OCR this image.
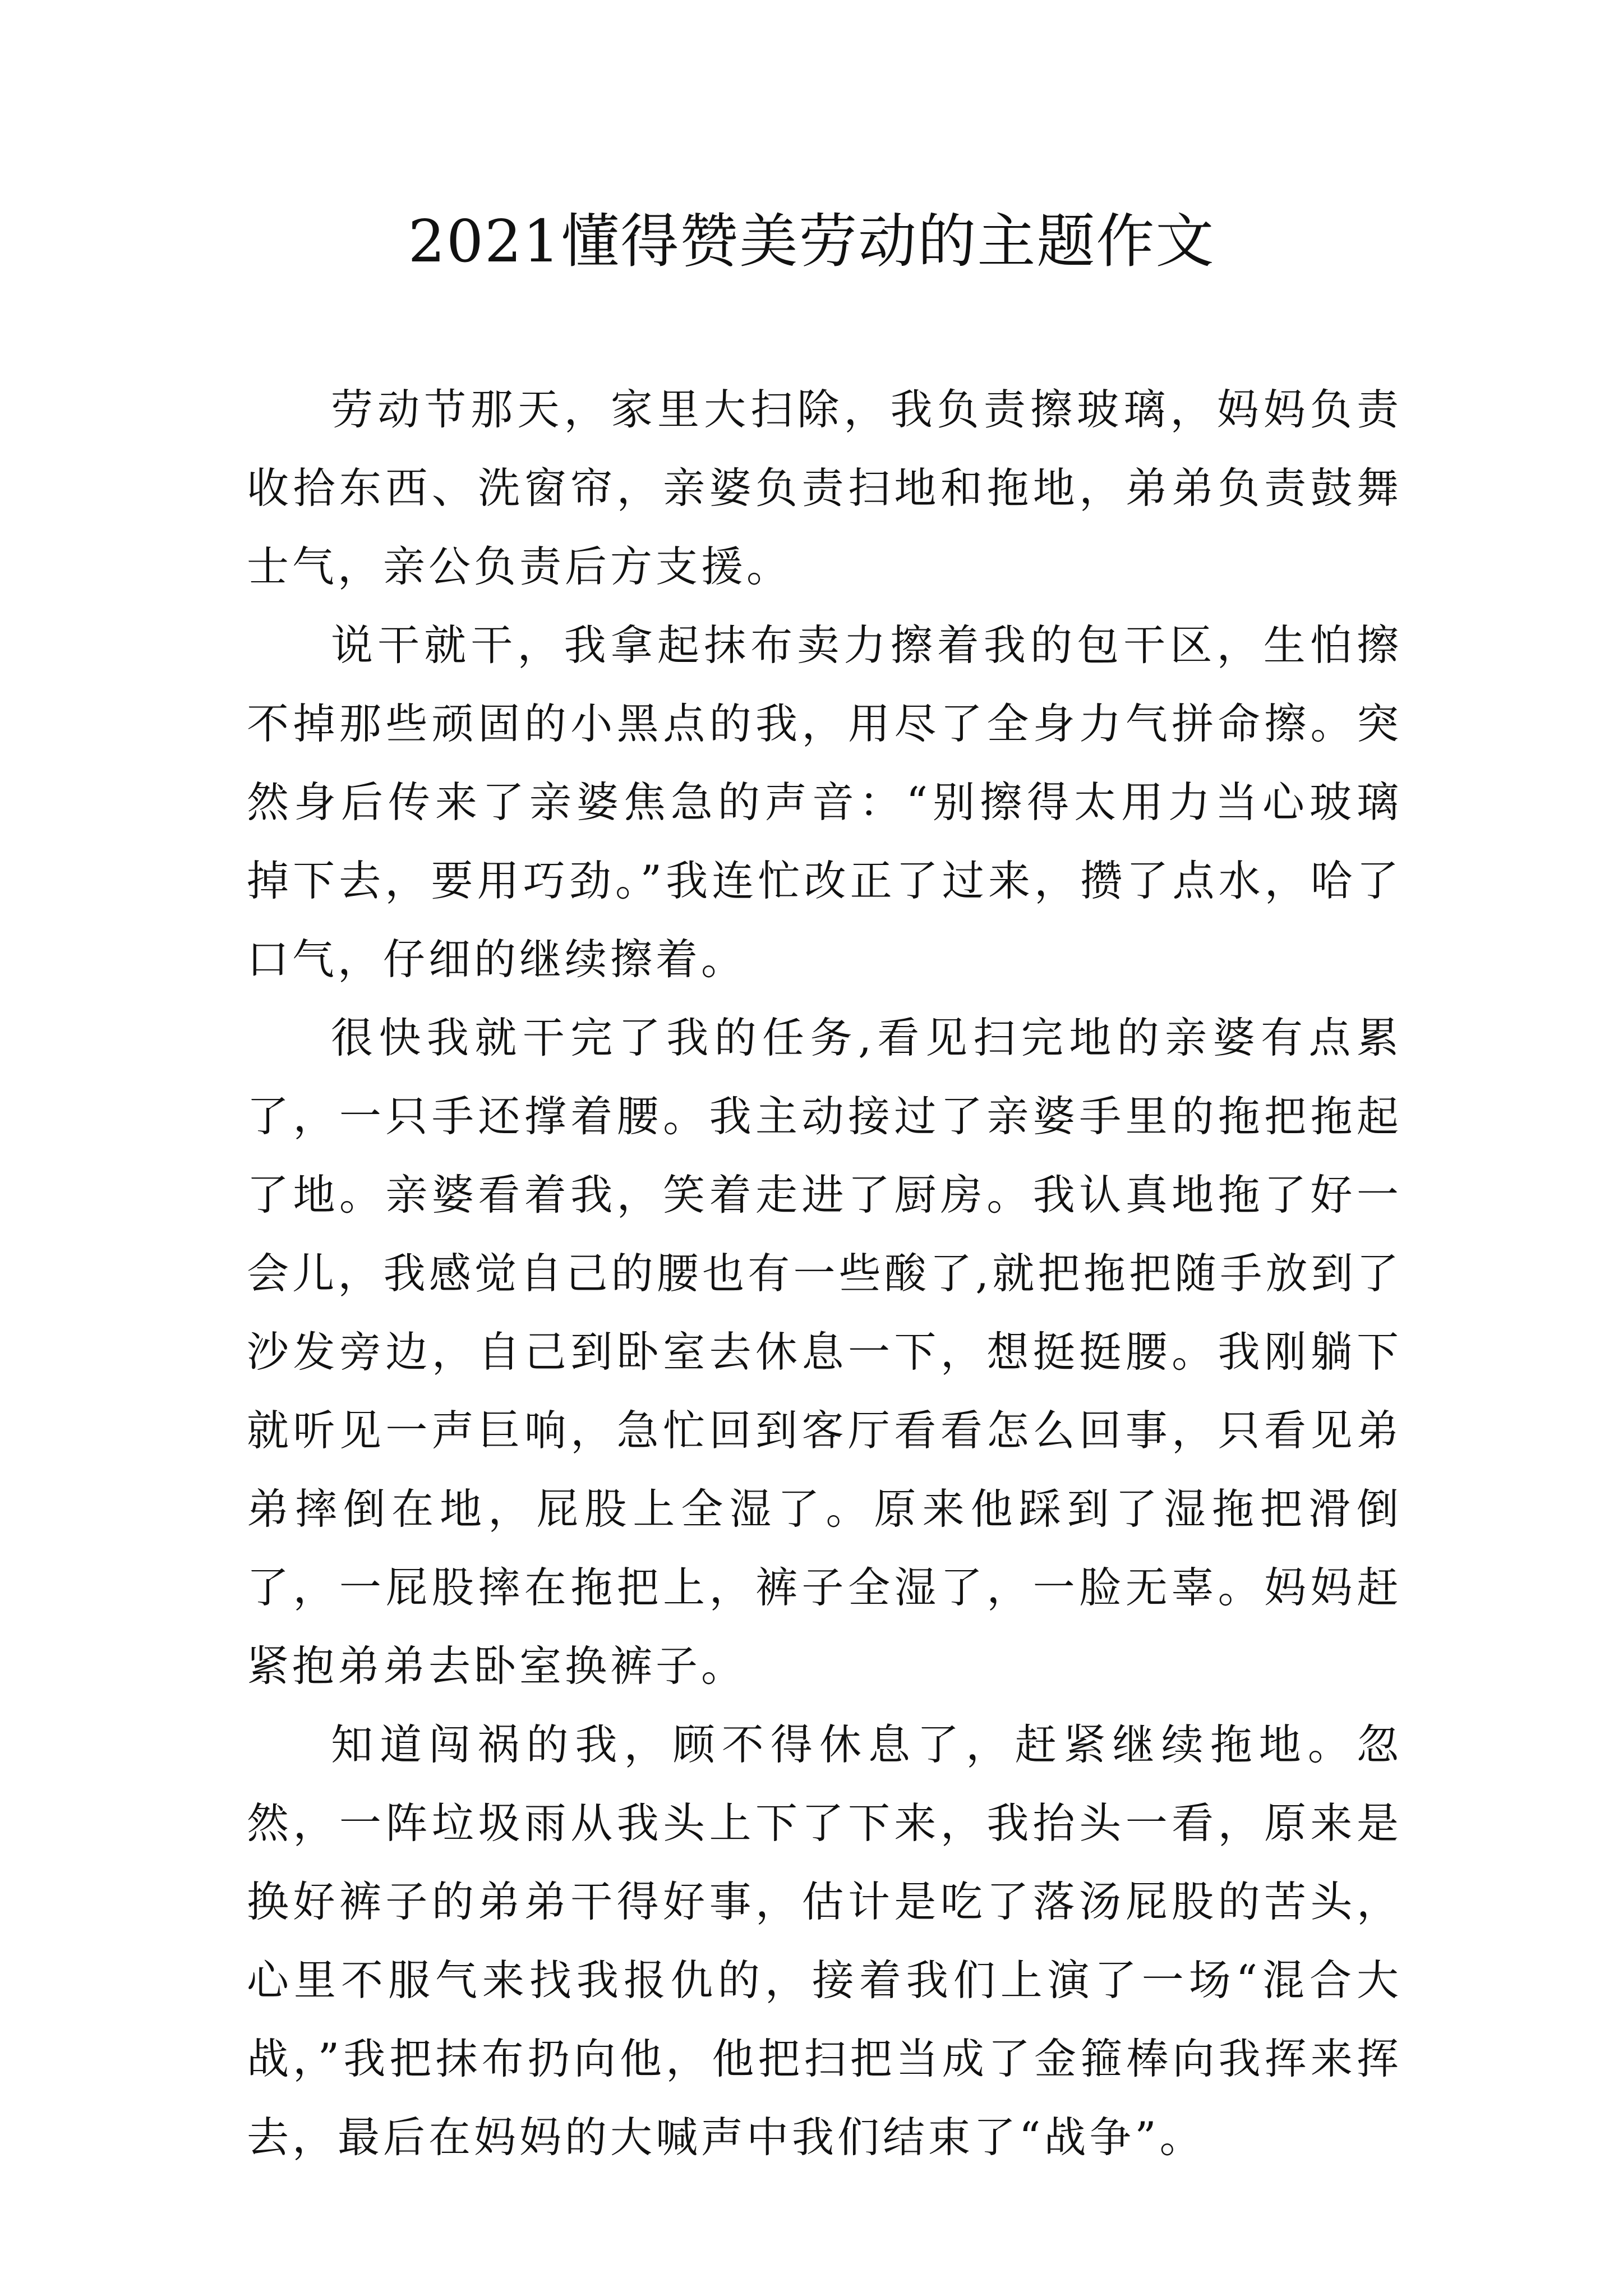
2021懂得赞美劳动的主题作文

劳动节那天，家里大扫除，我负责擦玻璃，妈妈负责收拾东西、洗窗帘，亲婆负责扫地和拖地，弟弟负责鼓舞士气，亲公负责后方支援。

说干就干，我拿起抹布卖力擦着我的包干区，生怕擦不掉那些顽固的小黑点的我，用尽了全身力气拼命擦。突然身后传来了亲婆焦急的声音：“别擦得太用力当心玻璃掉下去，要用巧劲。”我连忙改正了过来，攒了点水，哈了口气，仔细的继续擦着。

很快我就干完了我的任务,看见扫完地的亲婆有点累了，一只手还撑着腰。我主动接过了亲婆手里的拖把拖起了地。亲婆看着我，笑着走进了厨房。我认真地拖了好一会儿，我感觉自己的腰也有一些酸了,就把拖把随手放到了沙发旁边，自己到卧室去休息一下，想挺挺腰。我刚躺下就听见一声巨响，急忙回到客厅看看怎么回事，只看见弟弟摔倒在地，屁股上全湿了。原来他踩到了湿拖把滑倒了，一屁股摔在拖把上，裤子全湿了，一脸无辜。妈妈赶紧抱弟弟去卧室换裤子。

知道闯祸的我，顾不得休息了，赶紧继续拖地。忽然，一阵垃圾雨从我头上下了下来，我抬头一看，原来是换好裤子的弟弟干得好事，估计是吃了落汤屁股的苦头，心里不服气来找我报仇的，接着我们上演了一场“混合大战，”我把抹布扔向他，他把扫把当成了金箍棒向我挥来挥去，最后在妈妈的大喊声中我们结束了“战争”。
